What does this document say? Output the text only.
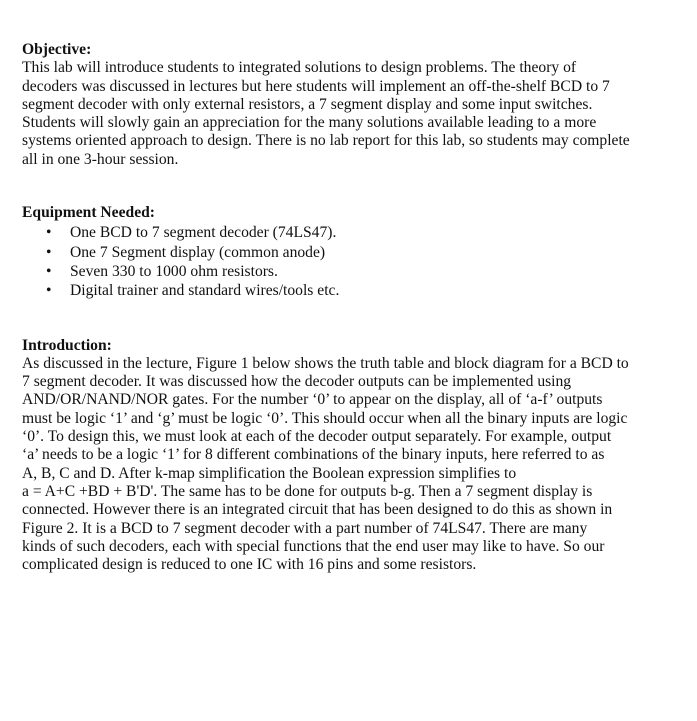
Objective:

This lab will introduce students to integrated solutions to design problems. The theory of
decoders was discussed in lectures but here students will implement an off-the-shelf BCD to 7
segment decoder with only external resistors, a 7 segment display and some input switches.
Students will slowly gain an appreciation for the many solutions available leading to a more
systems oriented approach to design. There is no lab report for this lab, so students may complete
all in one 3-hour session.

Equipment Needed:

• One BCD to 7 segment decoder (74LS47).
• One 7 Segment display (common anode)
• Seven 330 to 1000 ohm resistors.
• Digital trainer and standard wires/tools etc.

Introduction:

As discussed in the lecture, Figure 1 below shows the truth table and block diagram for a BCD to
7 segment decoder. It was discussed how the decoder outputs can be implemented using
AND/OR/NAND/NOR gates. For the number ‘0’ to appear on the display, all of ‘a-f’ outputs
must be logic ‘1’ and ‘g’ must be logic ‘0’. This should occur when all the binary inputs are logic
‘0’. To design this, we must look at each of the decoder output separately. For example, output
‘a’ needs to be a logic ‘1’ for 8 different combinations of the binary inputs, here referred to as
A, B, C and D. After k-map simplification the Boolean expression simplifies to
a = A+C +BD + B'D'. The same has to be done for outputs b-g. Then a 7 segment display is
connected. However there is an integrated circuit that has been designed to do this as shown in
Figure 2. It is a BCD to 7 segment decoder with a part number of 74LS47. There are many
kinds of such decoders, each with special functions that the end user may like to have. So our
complicated design is reduced to one IC with 16 pins and some resistors.
